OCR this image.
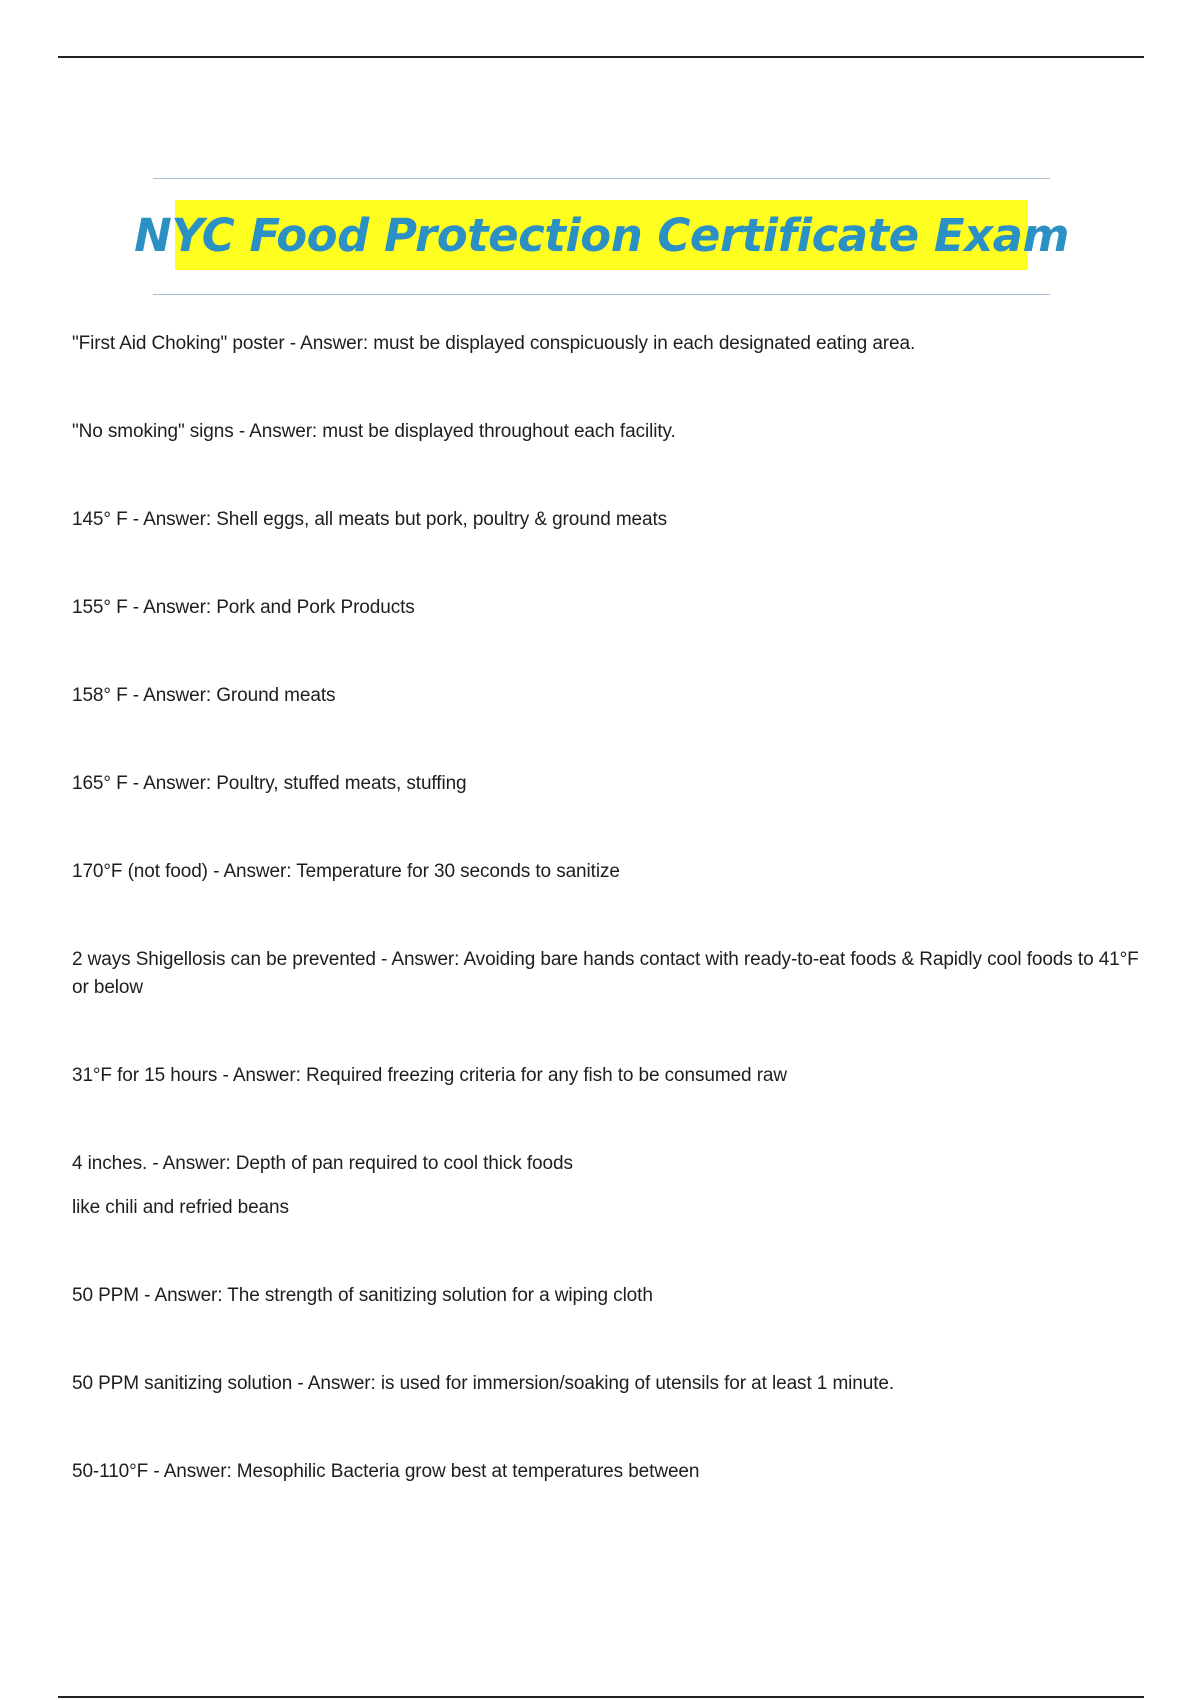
NYC Food Protection Certificate Exam
"First Aid Choking" poster - Answer: must be displayed conspicuously in each designated eating area.
"No smoking" signs - Answer: must be displayed throughout each facility.
145° F - Answer: Shell eggs, all meats but pork, poultry & ground meats
155° F - Answer: Pork and Pork Products
158° F - Answer: Ground meats
165° F - Answer: Poultry, stuffed meats, stuffing
170°F (not food) - Answer: Temperature for 30 seconds to sanitize
2 ways Shigellosis can be prevented - Answer: Avoiding bare hands contact with ready-to-eat foods & Rapidly cool foods to 41°F or below
31°F for 15 hours - Answer: Required freezing criteria for any fish to be consumed raw
4 inches. - Answer: Depth of pan required to cool thick foods
like chili and refried beans
50 PPM - Answer: The strength of sanitizing solution for a wiping cloth
50 PPM sanitizing solution - Answer: is used for immersion/soaking of utensils for at least 1 minute.
50-110°F - Answer: Mesophilic Bacteria grow best at temperatures between
